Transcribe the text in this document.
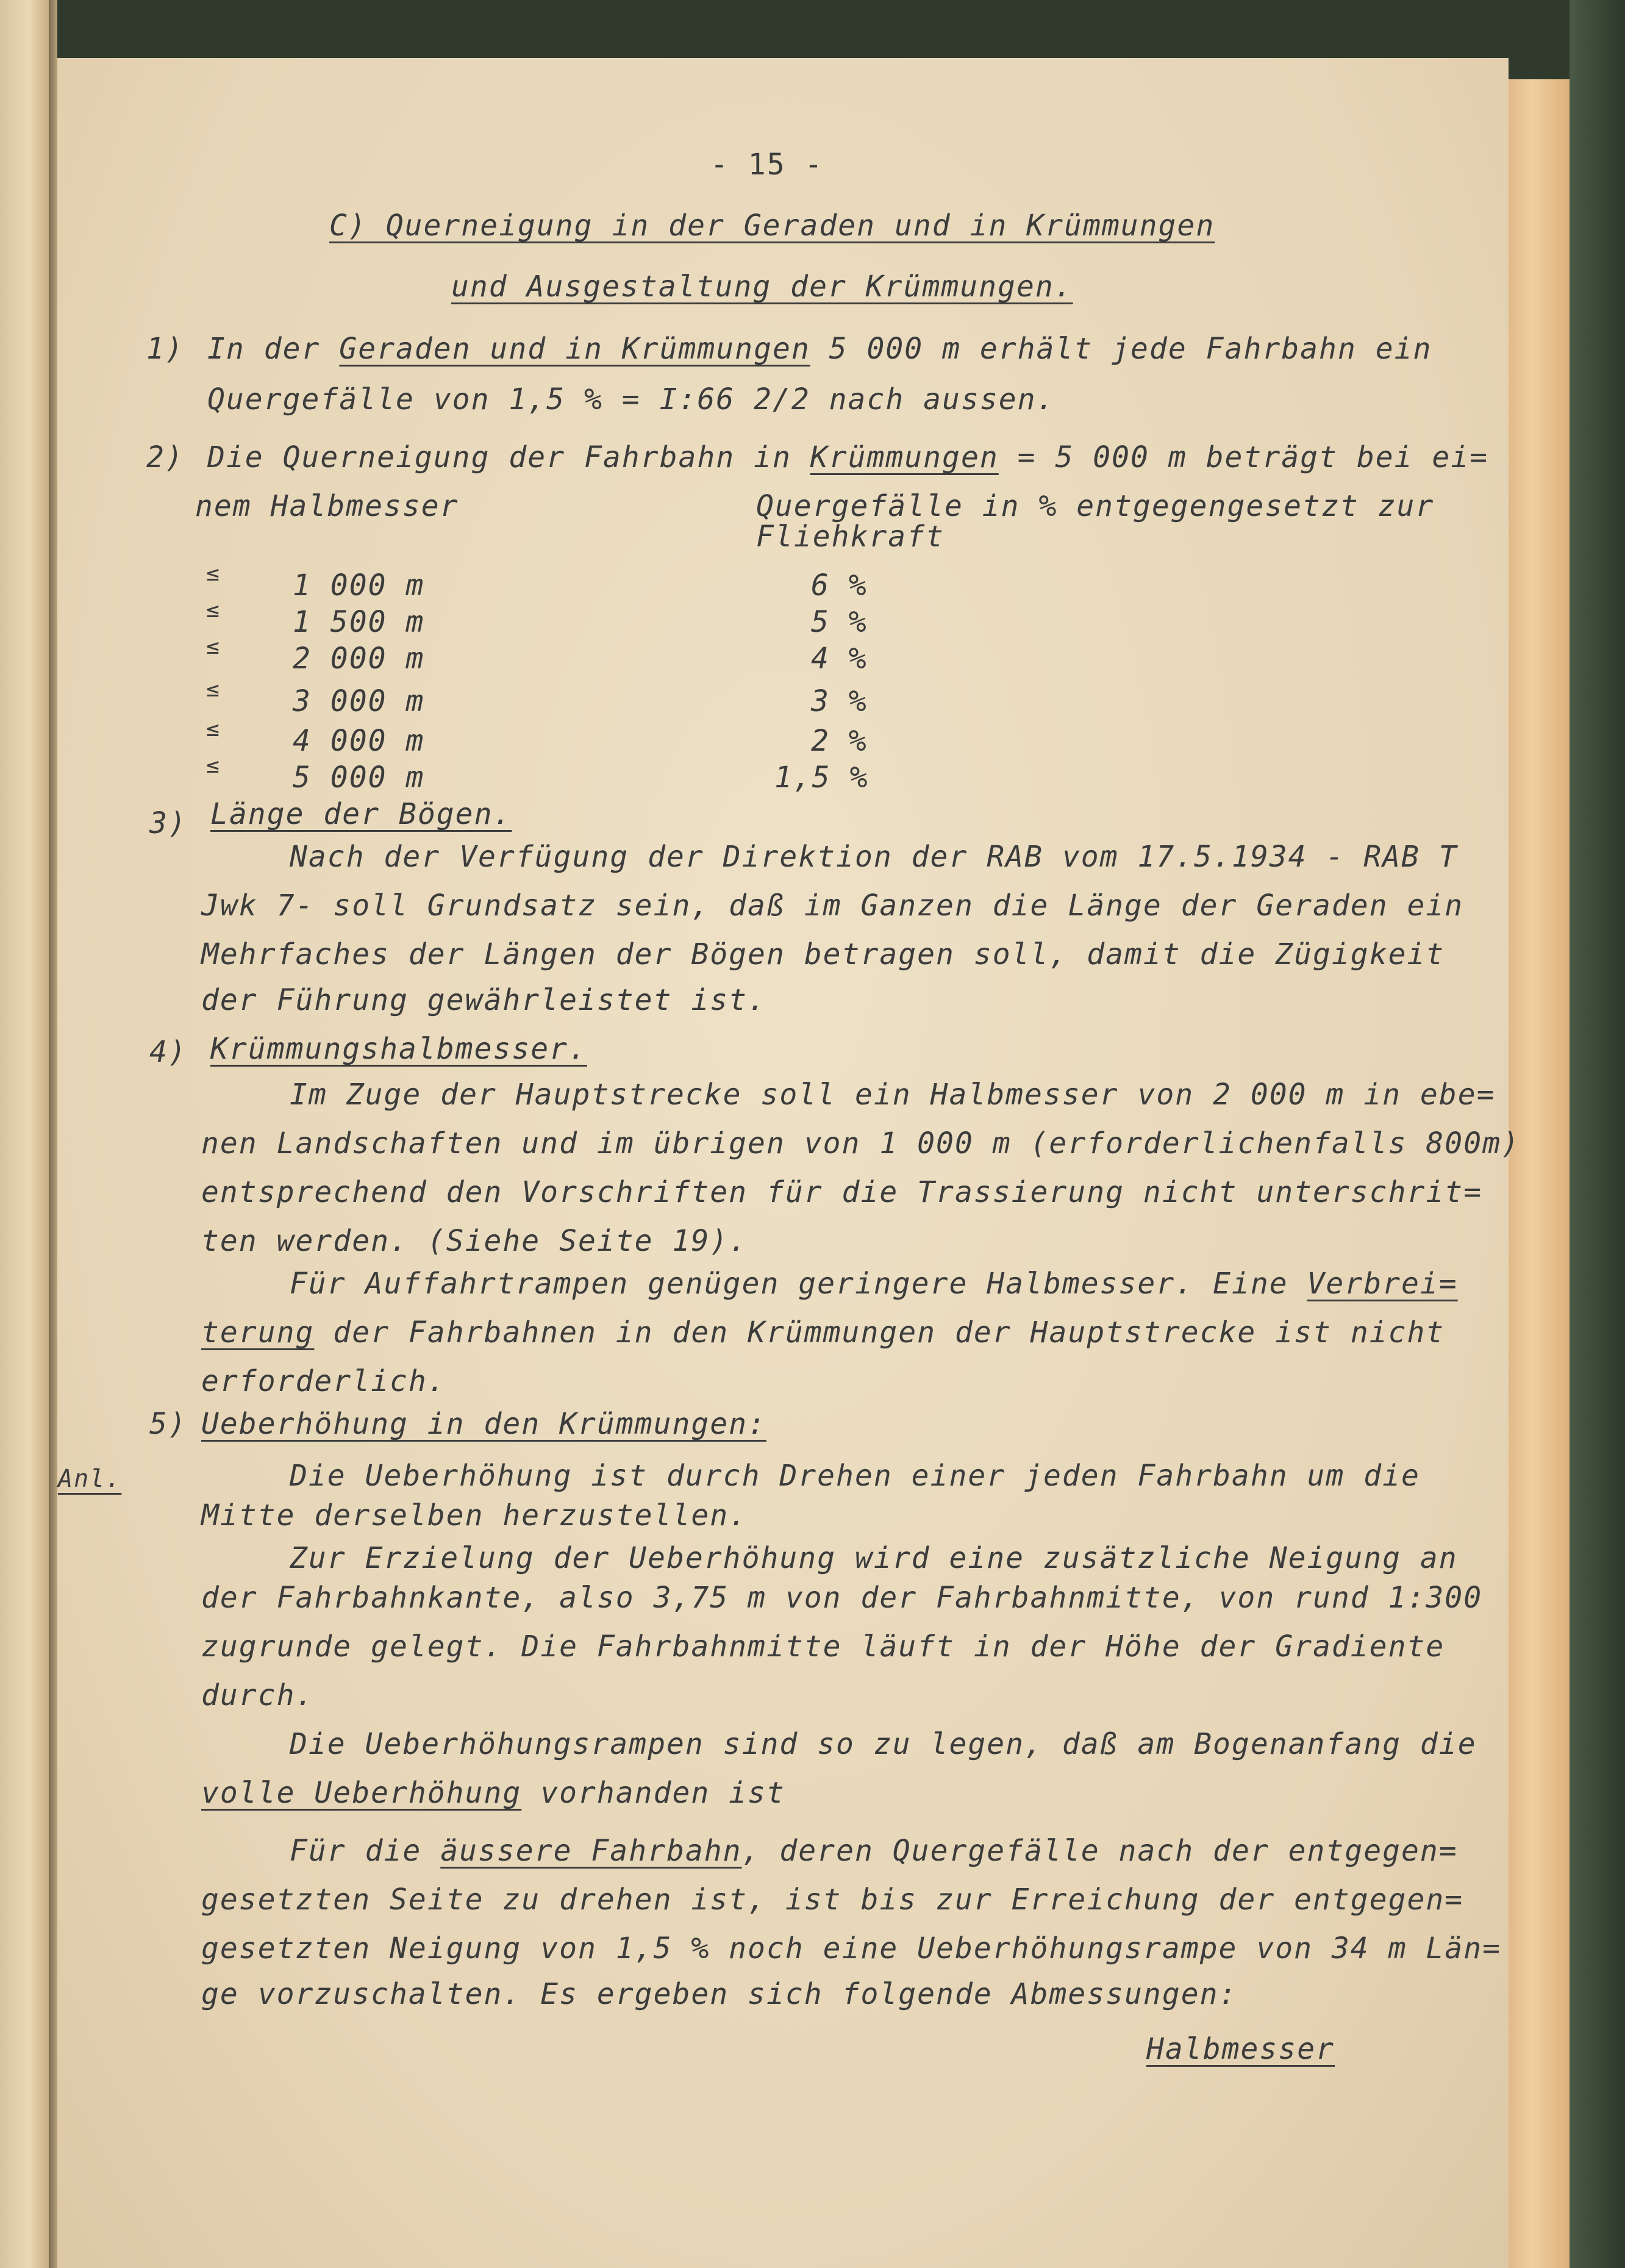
- 15 -
C) Querneigung in der Geraden und in Krümmungen
und Ausgestaltung der Krümmungen.
1) In der Geraden und in Krümmungen 5 000 m erhält jede Fahrbahn ein
Quergefälle von 1,5 % = I:66 2/2 nach aussen.
2) Die Querneigung der Fahrbahn in Krümmungen = 5 000 m beträgt bei ei=
nem Halbmesser	Quergefälle in % entgegengesetzt zur
Fliehkraft
≤	1 000 m	6 %
≤	1 500 m	5 %
≤	2 000 m	4 %
≤	3 000 m	3 %
≤	4 000 m	2 %
≤	5 000 m	1,5 %
3) Länge der Bögen.
Nach der Verfügung der Direktion der RAB vom 17.5.1934 - RAB T
Jwk 7- soll Grundsatz sein, daß im Ganzen die Länge der Geraden ein
Mehrfaches der Längen der Bögen betragen soll, damit die Zügigkeit
der Führung gewährleistet ist.
4) Krümmungshalbmesser.
Im Zuge der Hauptstrecke soll ein Halbmesser von 2 000 m in ebe=
nen Landschaften und im übrigen von 1 000 m (erforderlichenfalls 800m)
entsprechend den Vorschriften für die Trassierung nicht unterschrit=
ten werden. (Siehe Seite 19).
Für Auffahrtrampen genügen geringere Halbmesser. Eine Verbrei=
terung der Fahrbahnen in den Krümmungen der Hauptstrecke ist nicht
erforderlich.
5) Ueberhöhung in den Krümmungen:
Anl.	Die Ueberhöhung ist durch Drehen einer jeden Fahrbahn um die
Mitte derselben herzustellen.
Zur Erzielung der Ueberhöhung wird eine zusätzliche Neigung an
der Fahrbahnkante, also 3,75 m von der Fahrbahnmitte, von rund 1:300
zugrunde gelegt. Die Fahrbahnmitte läuft in der Höhe der Gradiente
durch.
Die Ueberhöhungsrampen sind so zu legen, daß am Bogenanfang die
volle Ueberhöhung vorhanden ist
Für die äussere Fahrbahn, deren Quergefälle nach der entgegen=
gesetzten Seite zu drehen ist, ist bis zur Erreichung der entgegen=
gesetzten Neigung von 1,5 % noch eine Ueberhöhungsrampe von 34 m Län=
ge vorzuschalten. Es ergeben sich folgende Abmessungen:
Halbmesser
